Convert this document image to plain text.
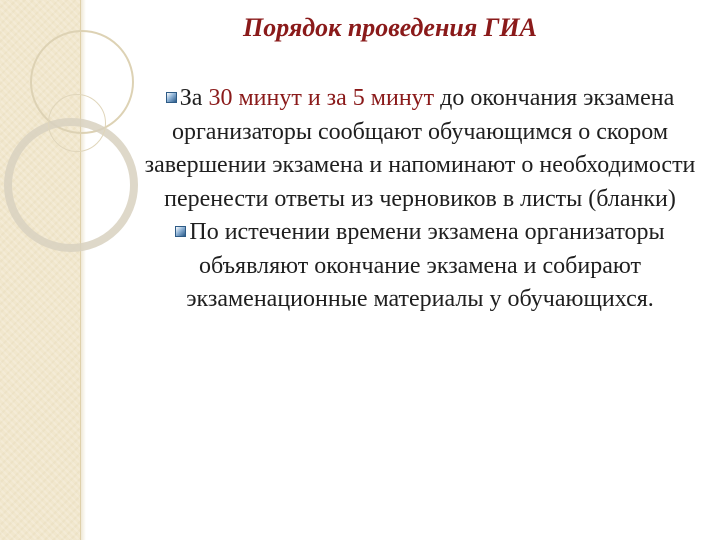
Порядок проведения ГИА

За 30 минут и за 5 минут до окончания экзамена организаторы сообщают обучающимся о скором завершении экзамена и напоминают о необходимости перенести ответы из черновиков в листы (бланки)

По истечении времени экзамена организаторы объявляют окончание экзамена и собирают экзаменационные материалы у обучающихся.
